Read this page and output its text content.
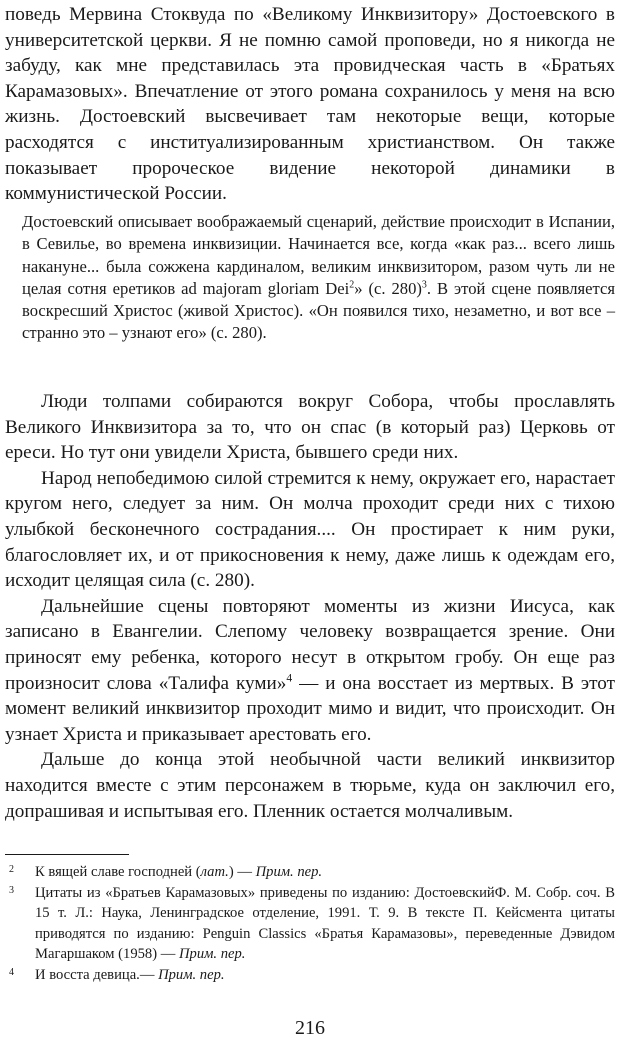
поведь Мервина Стоквуда по «Великому Инквизитору» Достоевского в университетской церкви. Я не помню самой проповеди, но я никогда не забуду, как мне представилась эта провидческая часть в «Братьях Карамазовых». Впечатление от этого романа сохранилось у меня на всю жизнь. Достоевский высвечивает там некоторые вещи, которые расходятся с институализированным христианством. Он также показывает пророческое видение некоторой динамики в коммунистической России.

Достоевский описывает воображаемый сценарий, действие происходит в Испании, в Севилье, во времена инквизиции. Начинается все, когда «как раз... всего лишь накануне... была сожжена кардиналом, великим инквизитором, разом чуть ли не целая сотня еретиков ad majoram gloriam Dei$^2$» (с. 280)$^3$. В этой сцене появляется воскресший Христос (живой Христос). «Он появился тихо, незаметно, и вот все – странно это – узнают его» (с. 280).

Люди толпами собираются вокруг Собора, чтобы прославлять Великого Инквизитора за то, что он спас (в который раз) Церковь от ереси. Но тут они увидели Христа, бывшего среди них.

Народ непобедимою силой стремится к нему, окружает его, нарастает кругом него, следует за ним. Он молча проходит среди них с тихою улыбкой бесконечного сострадания.... Он простирает к ним руки, благословляет их, и от прикосновения к нему, даже лишь к одеждам его, исходит целящая сила (с. 280).

Дальнейшие сцены повторяют моменты из жизни Иисуса, как записано в Евангелии. Слепому человеку возвращается зрение. Они приносят ему ребенка, которого несут в открытом гробу. Он еще раз произносит слова «Талифа куми»$^4$ — и она восстает из мертвых. В этот момент великий инквизитор проходит мимо и видит, что происходит. Он узнает Христа и приказывает арестовать его.

Дальше до конца этой необычной части великий инквизитор находится вместе с этим персонажем в тюрьме, куда он заключил его, допрашивая и испытывая его. Пленник остается молчаливым.

2 К вящей славе господней (лат.) — Прим. пер.
3 Цитаты из «Братьев Карамазовых» приведены по изданию: ДостоевскийФ. М. Собр. соч. В 15 т. Л.: Наука, Ленинградское отделение, 1991. Т. 9. В тексте П. Кейсмента цитаты приводятся по изданию: Penguin Classics «Братья Карамазовы», переведенные Дэвидом Магаршаком (1958) — Прим. пер.
4 И восста девица.— Прим. пер.
216
